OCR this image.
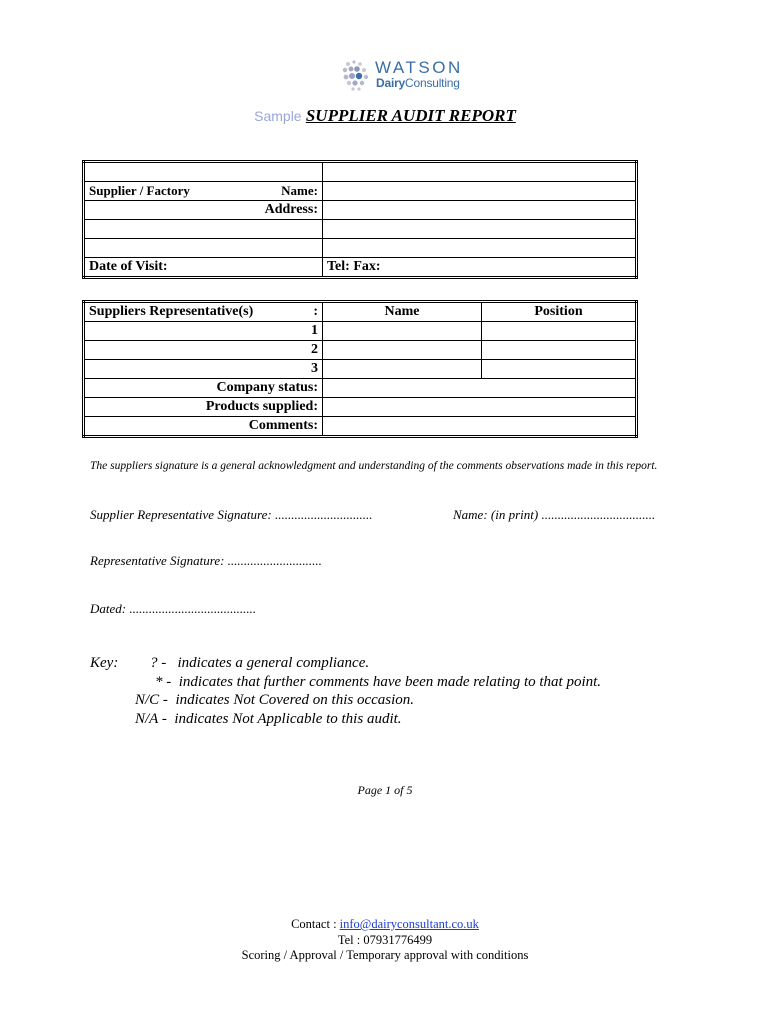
WATSON
DairyConsulting
Sample SUPPLIER AUDIT REPORT

Supplier / Factory Name:	

Address:	

Date of Visit:	Tel: Fax:
Suppliers Representative(s) :	Name	Position
1		
2		
3		
Company status:		
Products supplied:		
Comments:		
The suppliers signature is a general acknowledgment and understanding of the comments observations made in this report.
Supplier Representative Signature: ..............................	Name: (in print) ...................................
Representative Signature: .............................
Dated: .......................................
Key: ? - indicates a general compliance.
* - indicates that further comments have been made relating to that point.
N/C - indicates Not Covered on this occasion.
N/A - indicates Not Applicable to this audit.
Page 1 of 5
Contact : info@dairyconsultant.co.uk
Tel : 07931776499
Scoring / Approval / Temporary approval with conditions
